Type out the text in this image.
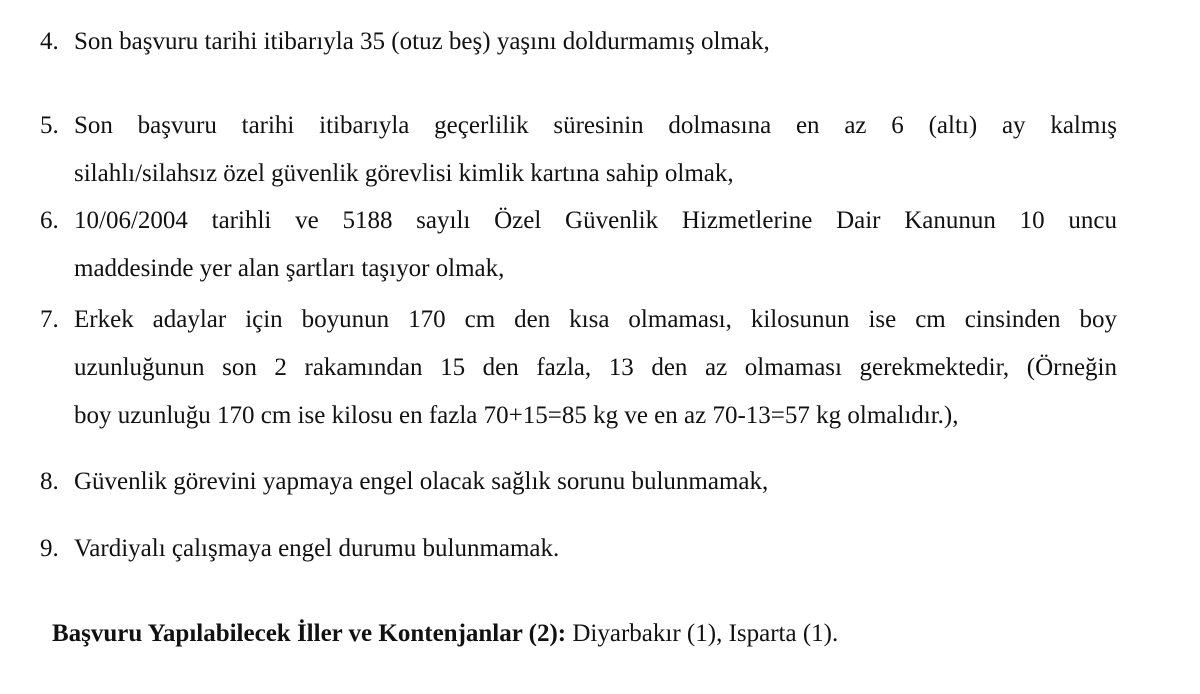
4. Son başvuru tarihi itibarıyla 35 (otuz beş) yaşını doldurmamış olmak,
5. Son başvuru tarihi itibarıyla geçerlilik süresinin dolmasına en az 6 (altı) ay kalmış
silahlı/silahsız özel güvenlik görevlisi kimlik kartına sahip olmak,
6. 10/06/2004 tarihli ve 5188 sayılı Özel Güvenlik Hizmetlerine Dair Kanunun 10 uncu
maddesinde yer alan şartları taşıyor olmak,
7. Erkek adaylar için boyunun 170 cm den kısa olmaması, kilosunun ise cm cinsinden boy
uzunluğunun son 2 rakamından 15 den fazla, 13 den az olmaması gerekmektedir, (Örneğin
boy uzunluğu 170 cm ise kilosu en fazla 70+15=85 kg ve en az 70-13=57 kg olmalıdır.),
8. Güvenlik görevini yapmaya engel olacak sağlık sorunu bulunmamak,
9. Vardiyalı çalışmaya engel durumu bulunmamak.
Başvuru Yapılabilecek İller ve Kontenjanlar (2): Diyarbakır (1), Isparta (1).
